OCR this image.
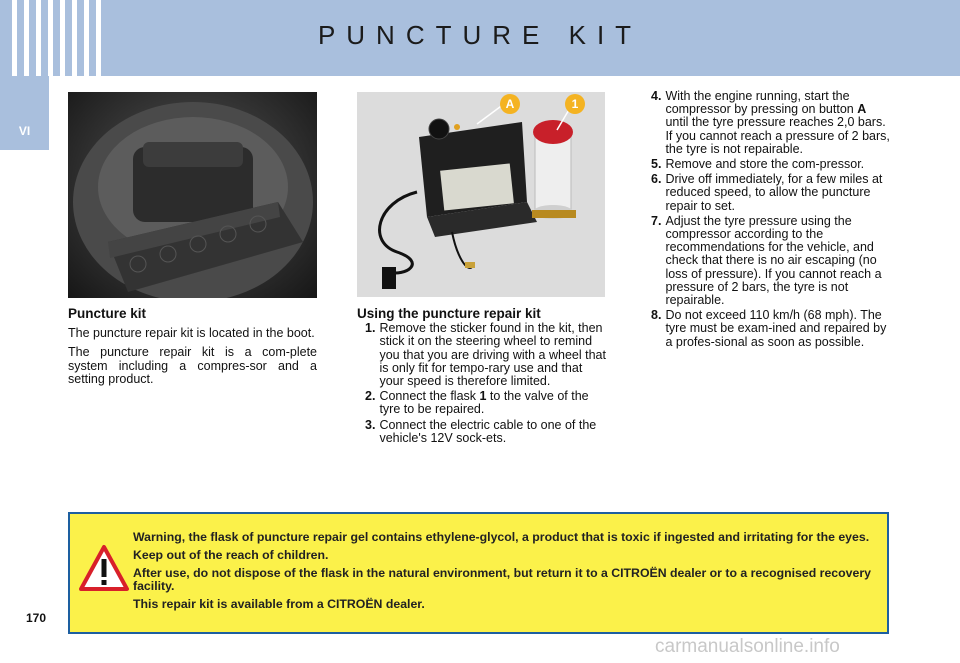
PUNCTURE KIT
VI
A	1
Puncture kit

The puncture repair kit is located in the boot.

The puncture repair kit is a com-plete system including a compres-sor and a setting product.

Using the puncture repair kit
1. Remove the sticker found in the kit, then stick it on the steering wheel to remind you that you are driving with a wheel that is only fit for tempo-rary use and that your speed is therefore limited.
2. Connect the flask 1 to the valve of the tyre to be repaired.
3. Connect the electric cable to one of the vehicle's 12V sock-ets.
4. With the engine running, start the compressor by pressing on button A until the tyre pressure reaches 2,0 bars. If you cannot reach a pressure of 2 bars, the tyre is not repairable.
5. Remove and store the com-pressor.
6. Drive off immediately, for a few miles at reduced speed, to allow the puncture repair to set.
7. Adjust the tyre pressure using the compressor according to the recommendations for the vehicle, and check that there is no air escaping (no loss of pressure). If you cannot reach a pressure of 2 bars, the tyre is not repairable.
8. Do not exceed 110 km/h (68 mph). The tyre must be exam-ined and repaired by a profes-sional as soon as possible.

Warning, the flask of puncture repair gel contains ethylene-glycol, a product that is toxic if ingested and irritating for the eyes.

Keep out of the reach of children.

After use, do not dispose of the flask in the natural environment, but return it to a CITROËN dealer or to a recognised recovery facility.

This repair kit is available from a CITROËN dealer.

170
carmanualsonline.info
